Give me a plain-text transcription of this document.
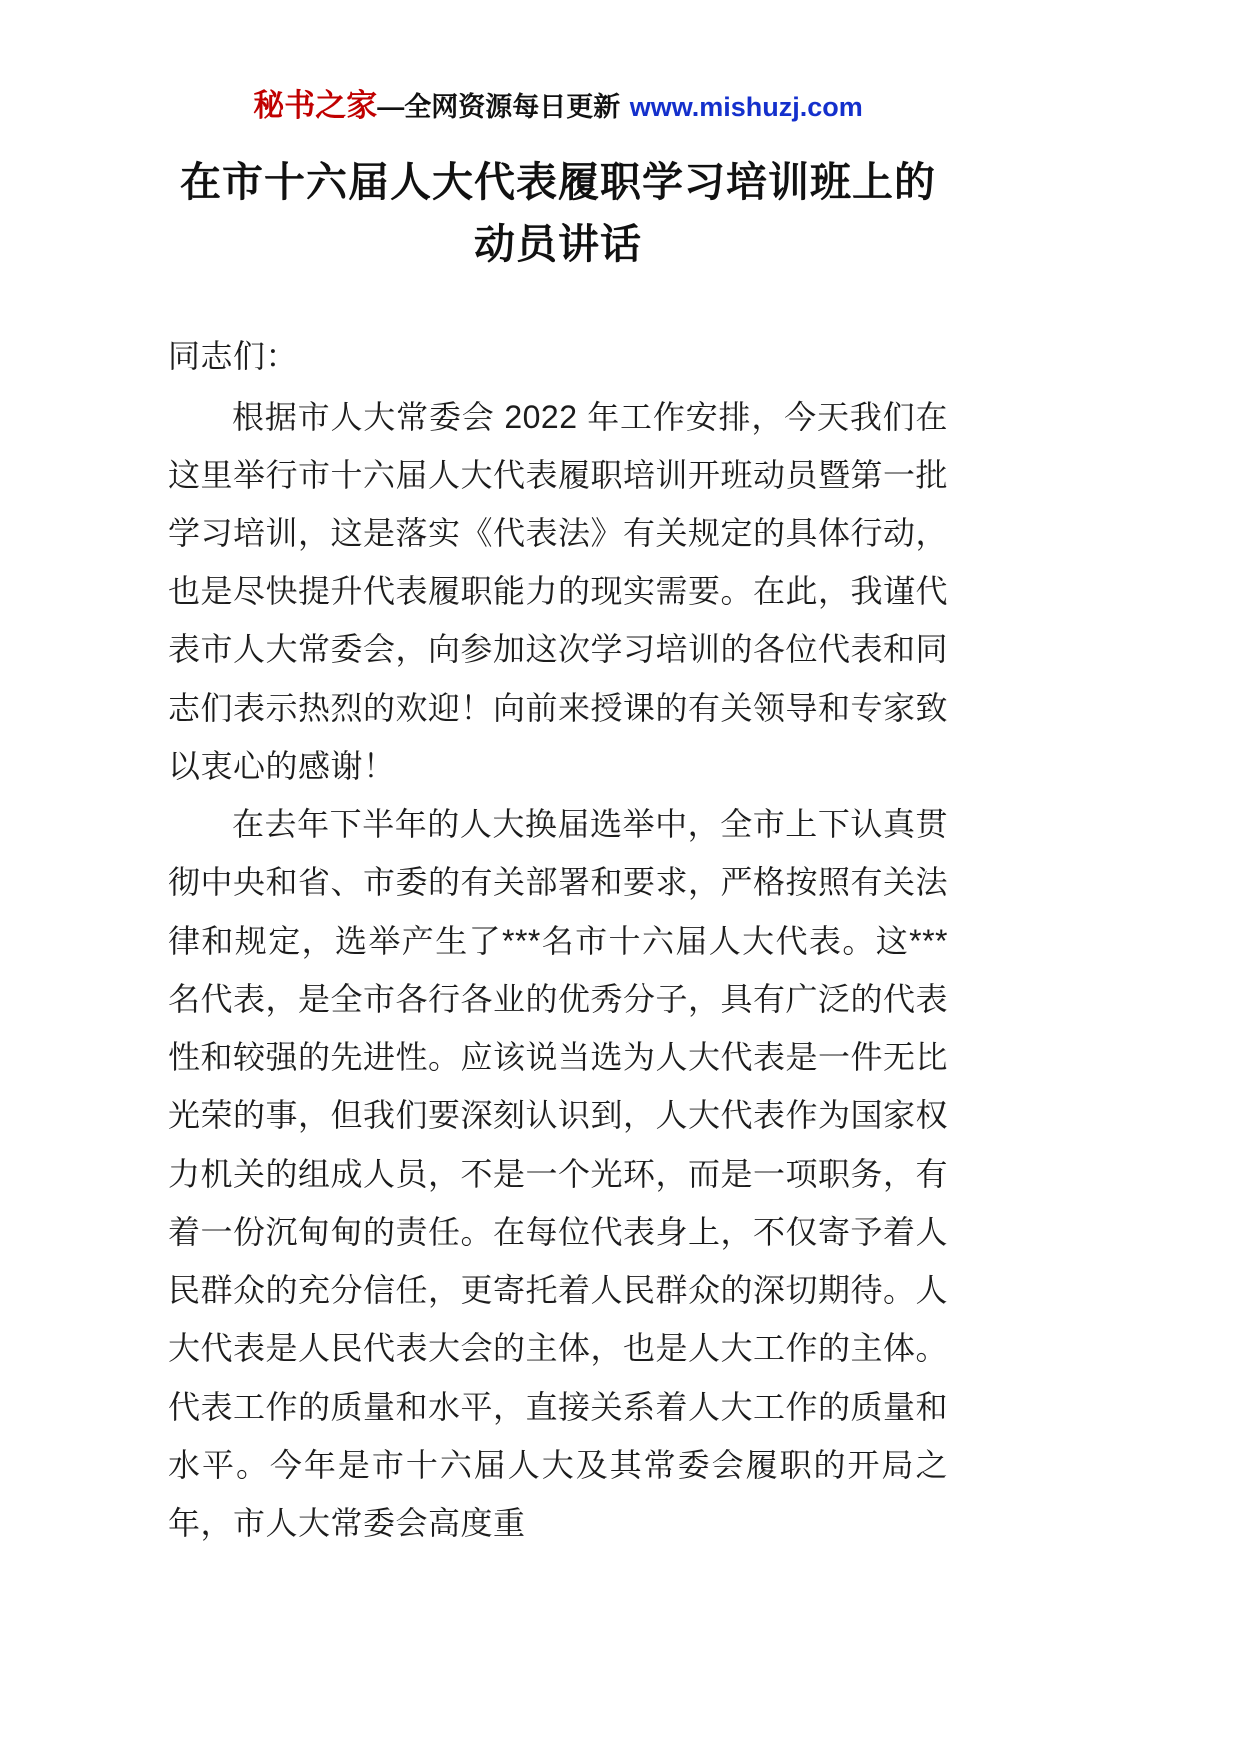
秘书之家—全网资源每日更新 www.mishuzj.com
在市十六届人大代表履职学习培训班上的动员讲话

同志们：

根据市人大常委会 2022 年工作安排，今天我们在这里举行市十六届人大代表履职培训开班动员暨第一批学习培训，这是落实《代表法》有关规定的具体行动，也是尽快提升代表履职能力的现实需要。在此，我谨代表市人大常委会，向参加这次学习培训的各位代表和同志们表示热烈的欢迎！向前来授课的有关领导和专家致以衷心的感谢！

在去年下半年的人大换届选举中，全市上下认真贯彻中央和省、市委的有关部署和要求，严格按照有关法律和规定，选举产生了***名市十六届人大代表。这***名代表，是全市各行各业的优秀分子，具有广泛的代表性和较强的先进性。应该说当选为人大代表是一件无比光荣的事，但我们要深刻认识到，人大代表作为国家权力机关的组成人员，不是一个光环，而是一项职务，有着一份沉甸甸的责任。在每位代表身上，不仅寄予着人民群众的充分信任，更寄托着人民群众的深切期待。人大代表是人民代表大会的主体，也是人大工作的主体。代表工作的质量和水平，直接关系着人大工作的质量和水平。今年是市十六届人大及其常委会履职的开局之年，市人大常委会高度重
